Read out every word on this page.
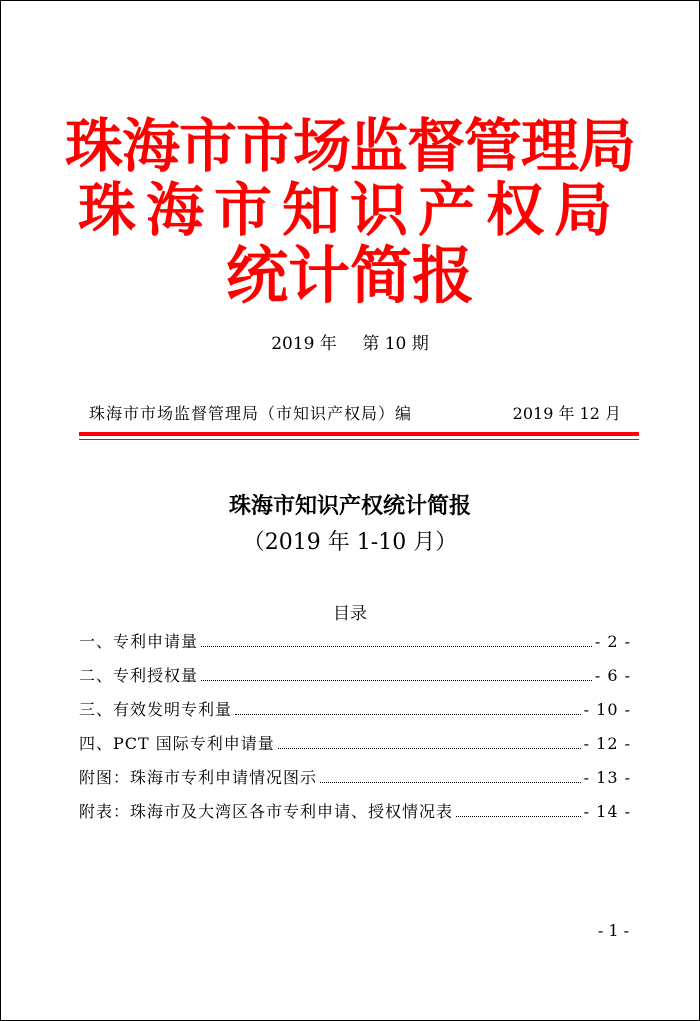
珠海市市场监督管理局
珠海市知识产权局
统计简报
2019 年 第 10 期
珠海市市场监督管理局（市知识产权局）编	2019 年 12 月
珠海市知识产权统计简报
（2019 年 1-10 月）
目录
一、专利申请量	- 2 -
二、专利授权量	- 6 -
三、有效发明专利量	- 10 -
四、PCT 国际专利申请量	- 12 -
附图：珠海市专利申请情况图示	- 13 -
附表：珠海市及大湾区各市专利申请、授权情况表	- 14 -
- 1 -
